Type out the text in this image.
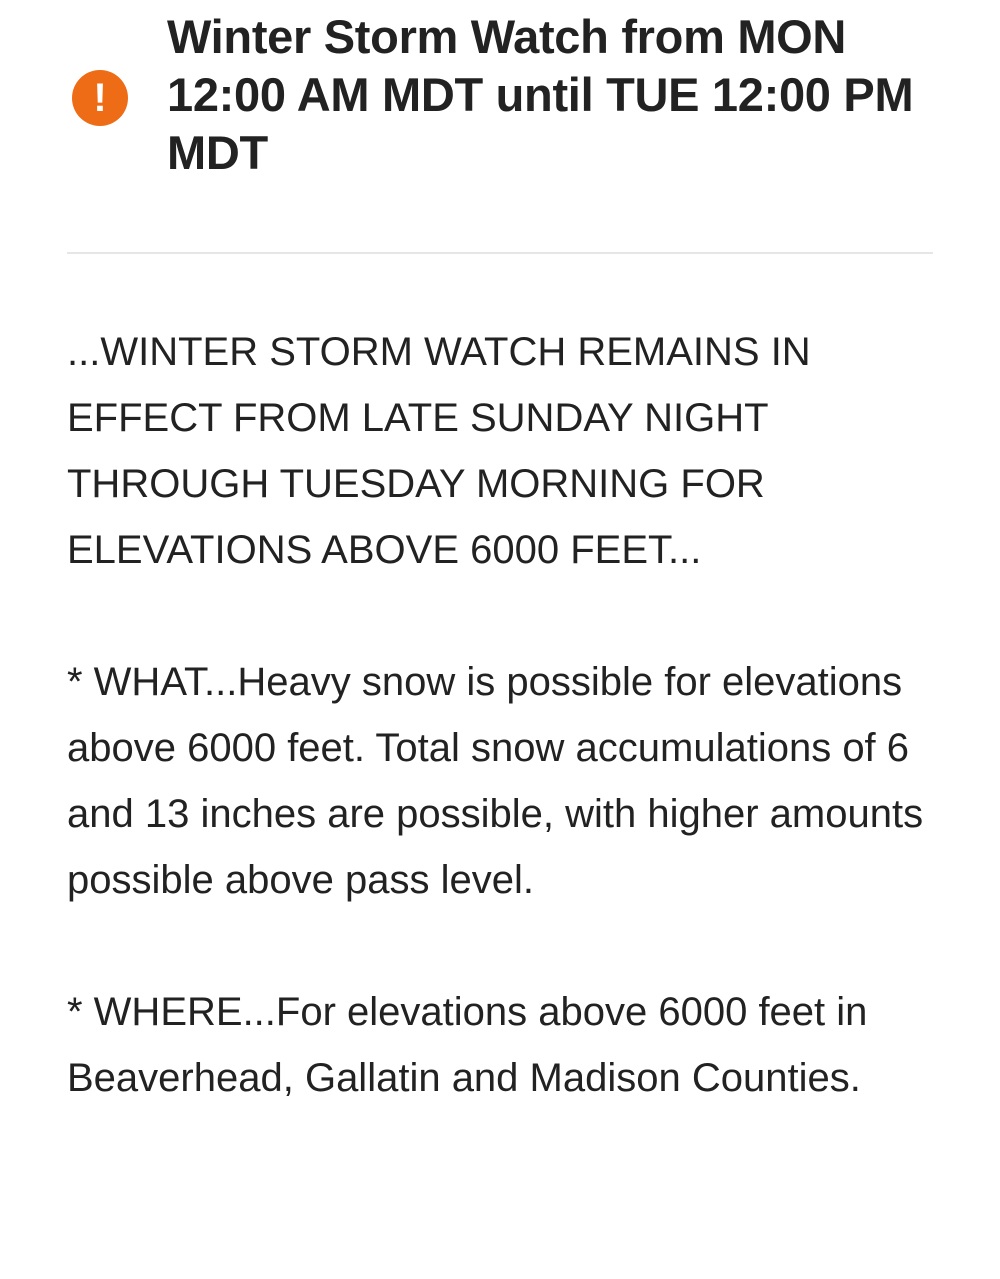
!
Winter Storm Watch from MON 12:00 AM MDT until TUE 12:00 PM MDT

...WINTER STORM WATCH REMAINS IN EFFECT FROM LATE SUNDAY NIGHT THROUGH TUESDAY MORNING FOR ELEVATIONS ABOVE 6000 FEET...

* WHAT...Heavy snow is possible for elevations above 6000 feet. Total snow accumulations of 6 and 13 inches are possible, with higher amounts possible above pass level.

* WHERE...For elevations above 6000 feet in Beaverhead, Gallatin and Madison Counties.
